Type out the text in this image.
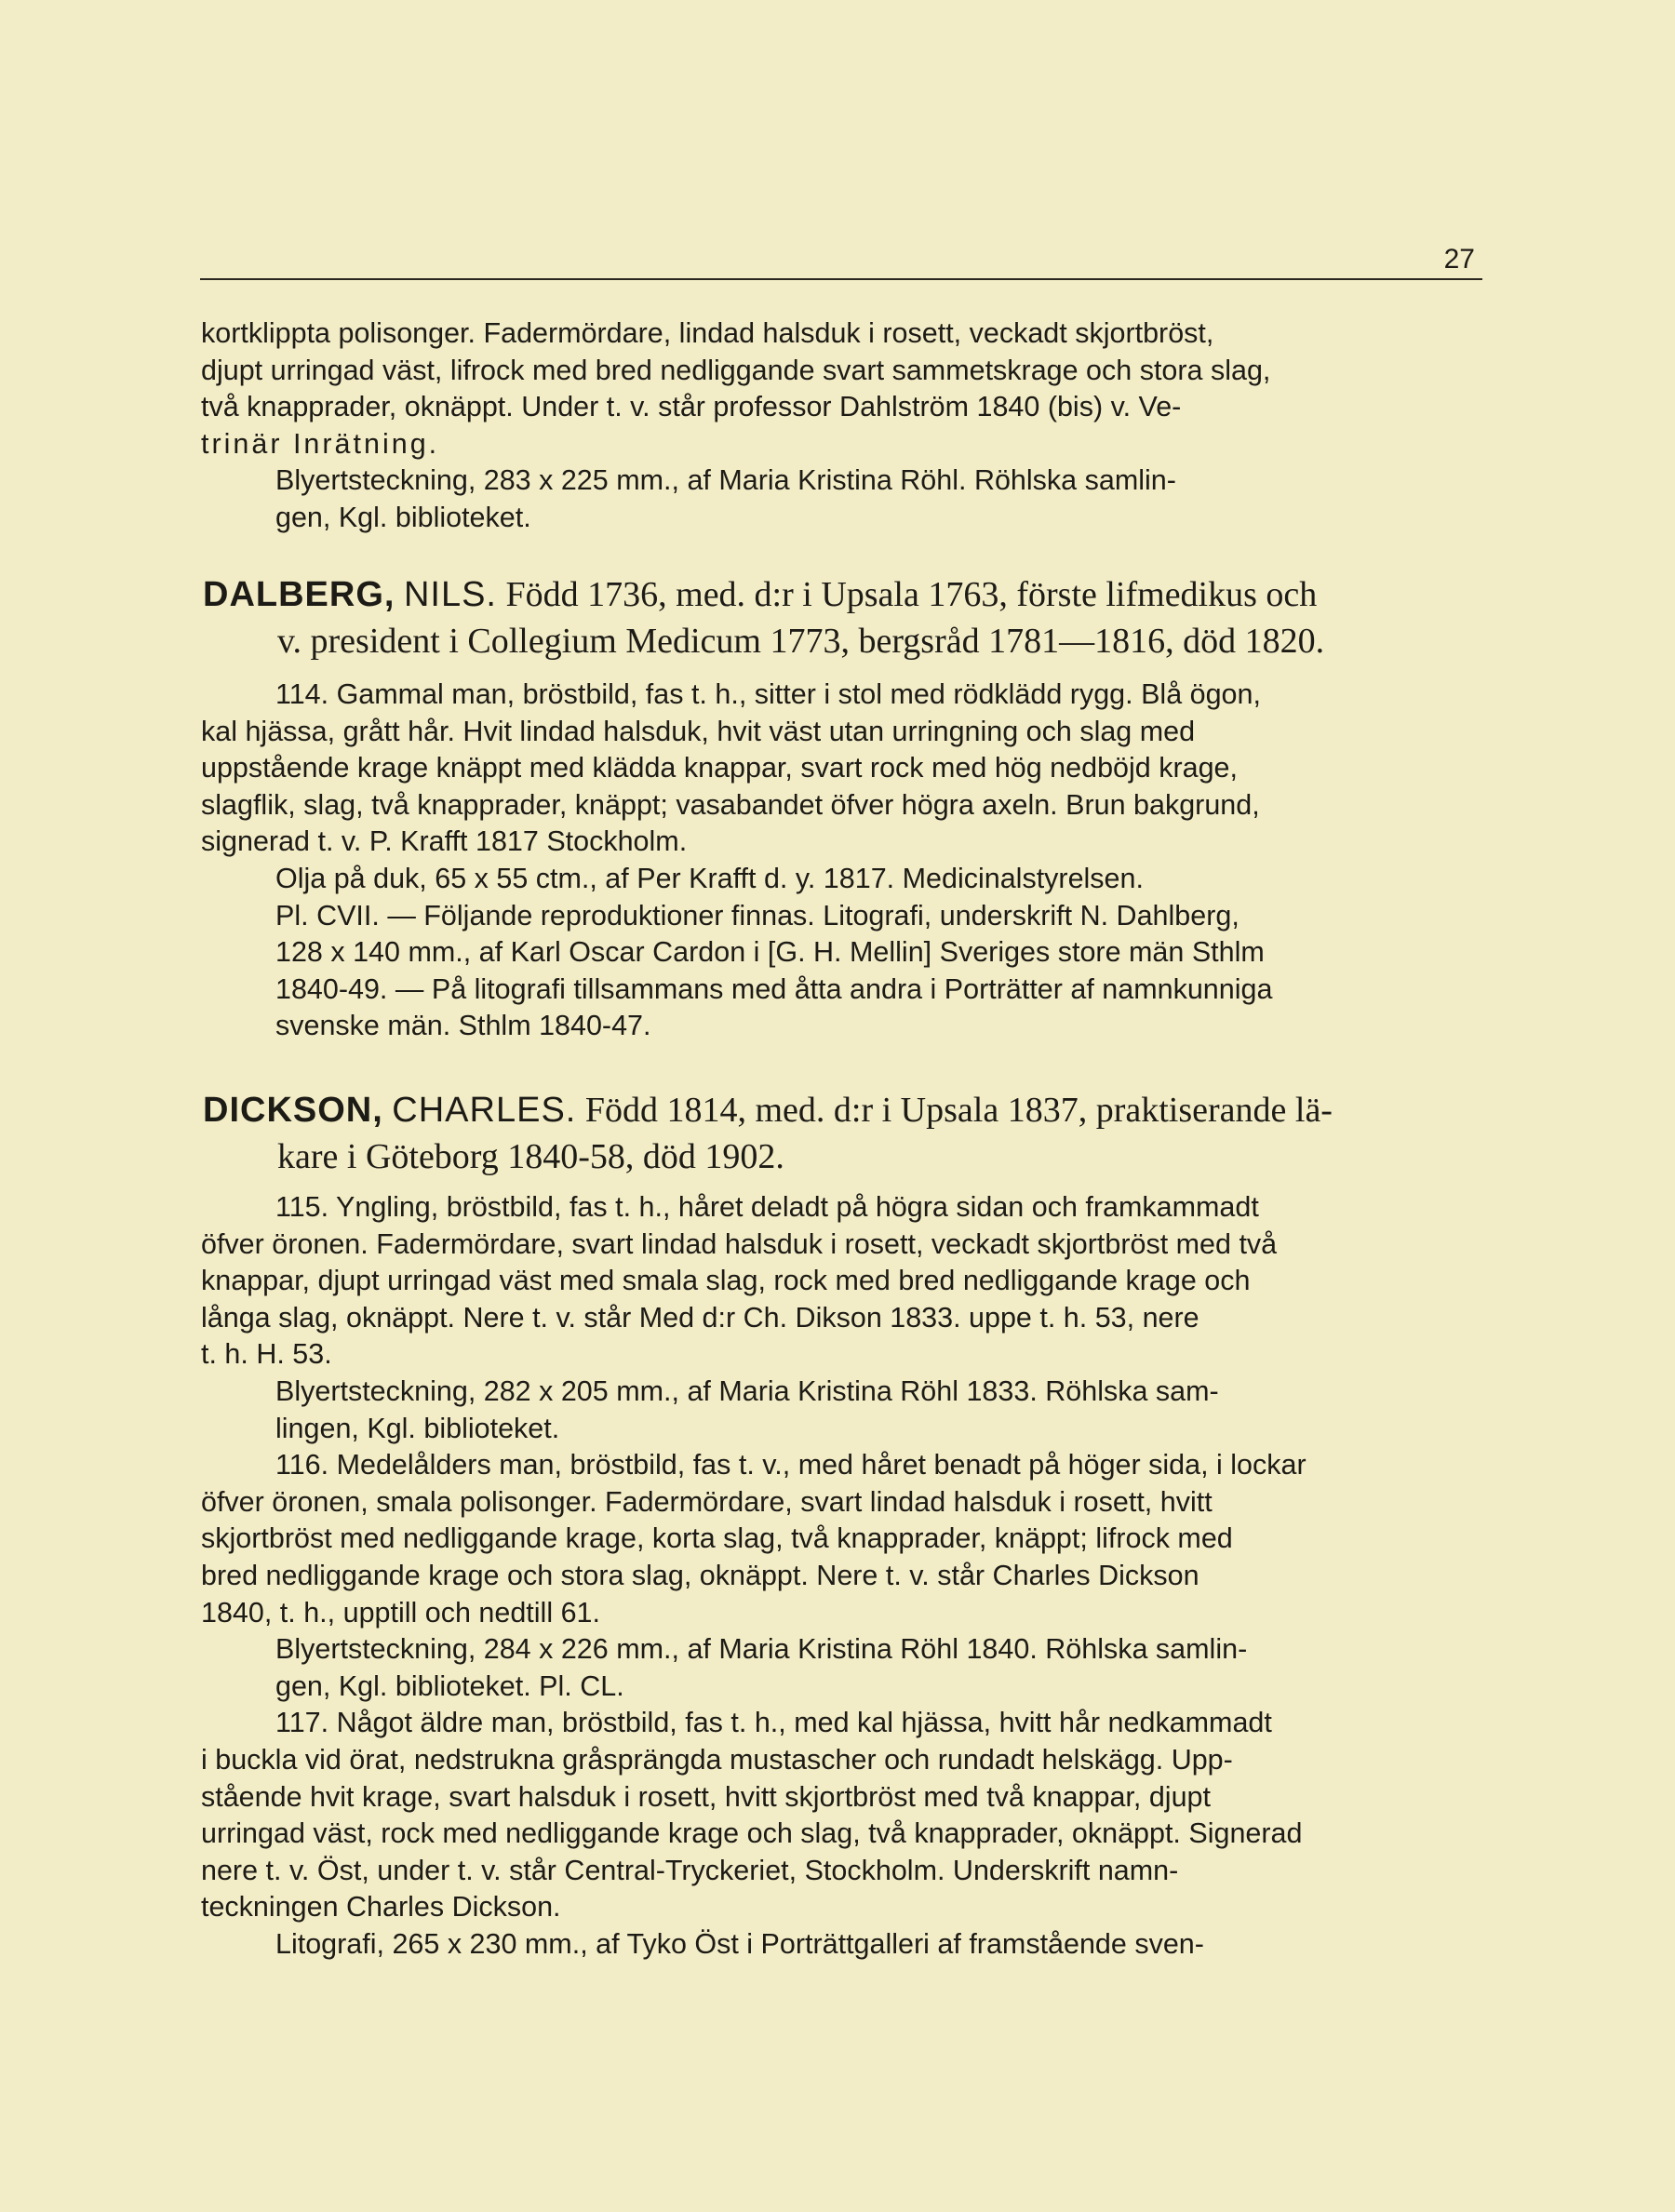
27
kortklippta polisonger. Fadermördare, lindad halsduk i rosett, veckadt skjortbröst,
djupt urringad väst, lifrock med bred nedliggande svart sammetskrage och stora slag,
två knapprader, oknäppt. Under t. v. står professor Dahlström 1840 (bis) v. Ve-
trinär Inrätning.
Blyertsteckning, 283 x 225 mm., af Maria Kristina Röhl. Röhlska samlin-
gen, Kgl. biblioteket.
DALBERG, NILS. Född 1736, med. d:r i Upsala 1763, förste lifmedikus och
v. president i Collegium Medicum 1773, bergsråd 1781—1816, död 1820.
114. Gammal man, bröstbild, fas t. h., sitter i stol med rödklädd rygg. Blå ögon,
kal hjässa, grått hår. Hvit lindad halsduk, hvit väst utan urringning och slag med
uppstående krage knäppt med klädda knappar, svart rock med hög nedböjd krage,
slagflik, slag, två knapprader, knäppt; vasabandet öfver högra axeln. Brun bakgrund,
signerad t. v. P. Krafft 1817 Stockholm.
Olja på duk, 65 x 55 ctm., af Per Krafft d. y. 1817. Medicinalstyrelsen.
Pl. CVII. — Följande reproduktioner finnas. Litografi, underskrift N. Dahlberg,
128 x 140 mm., af Karl Oscar Cardon i [G. H. Mellin] Sveriges store män Sthlm
1840-49. — På litografi tillsammans med åtta andra i Porträtter af namnkunniga
svenske män. Sthlm 1840-47.
DICKSON, CHARLES. Född 1814, med. d:r i Upsala 1837, praktiserande lä-
kare i Göteborg 1840-58, död 1902.
115. Yngling, bröstbild, fas t. h., håret deladt på högra sidan och framkammadt
öfver öronen. Fadermördare, svart lindad halsduk i rosett, veckadt skjortbröst med två
knappar, djupt urringad väst med smala slag, rock med bred nedliggande krage och
långa slag, oknäppt. Nere t. v. står Med d:r Ch. Dikson 1833. uppe t. h. 53, nere
t. h. H. 53.
Blyertsteckning, 282 x 205 mm., af Maria Kristina Röhl 1833. Röhlska sam-
lingen, Kgl. biblioteket.
116. Medelålders man, bröstbild, fas t. v., med håret benadt på höger sida, i lockar
öfver öronen, smala polisonger. Fadermördare, svart lindad halsduk i rosett, hvitt
skjortbröst med nedliggande krage, korta slag, två knapprader, knäppt; lifrock med
bred nedliggande krage och stora slag, oknäppt. Nere t. v. står Charles Dickson
1840, t. h., upptill och nedtill 61.
Blyertsteckning, 284 x 226 mm., af Maria Kristina Röhl 1840. Röhlska samlin-
gen, Kgl. biblioteket. Pl. CL.
117. Något äldre man, bröstbild, fas t. h., med kal hjässa, hvitt hår nedkammadt
i buckla vid örat, nedstrukna gråsprängda mustascher och rundadt helskägg. Upp-
stående hvit krage, svart halsduk i rosett, hvitt skjortbröst med två knappar, djupt
urringad väst, rock med nedliggande krage och slag, två knapprader, oknäppt. Signerad
nere t. v. Öst, under t. v. står Central-Tryckeriet, Stockholm. Underskrift namn-
teckningen Charles Dickson.
Litografi, 265 x 230 mm., af Tyko Öst i Porträttgalleri af framstående sven-
